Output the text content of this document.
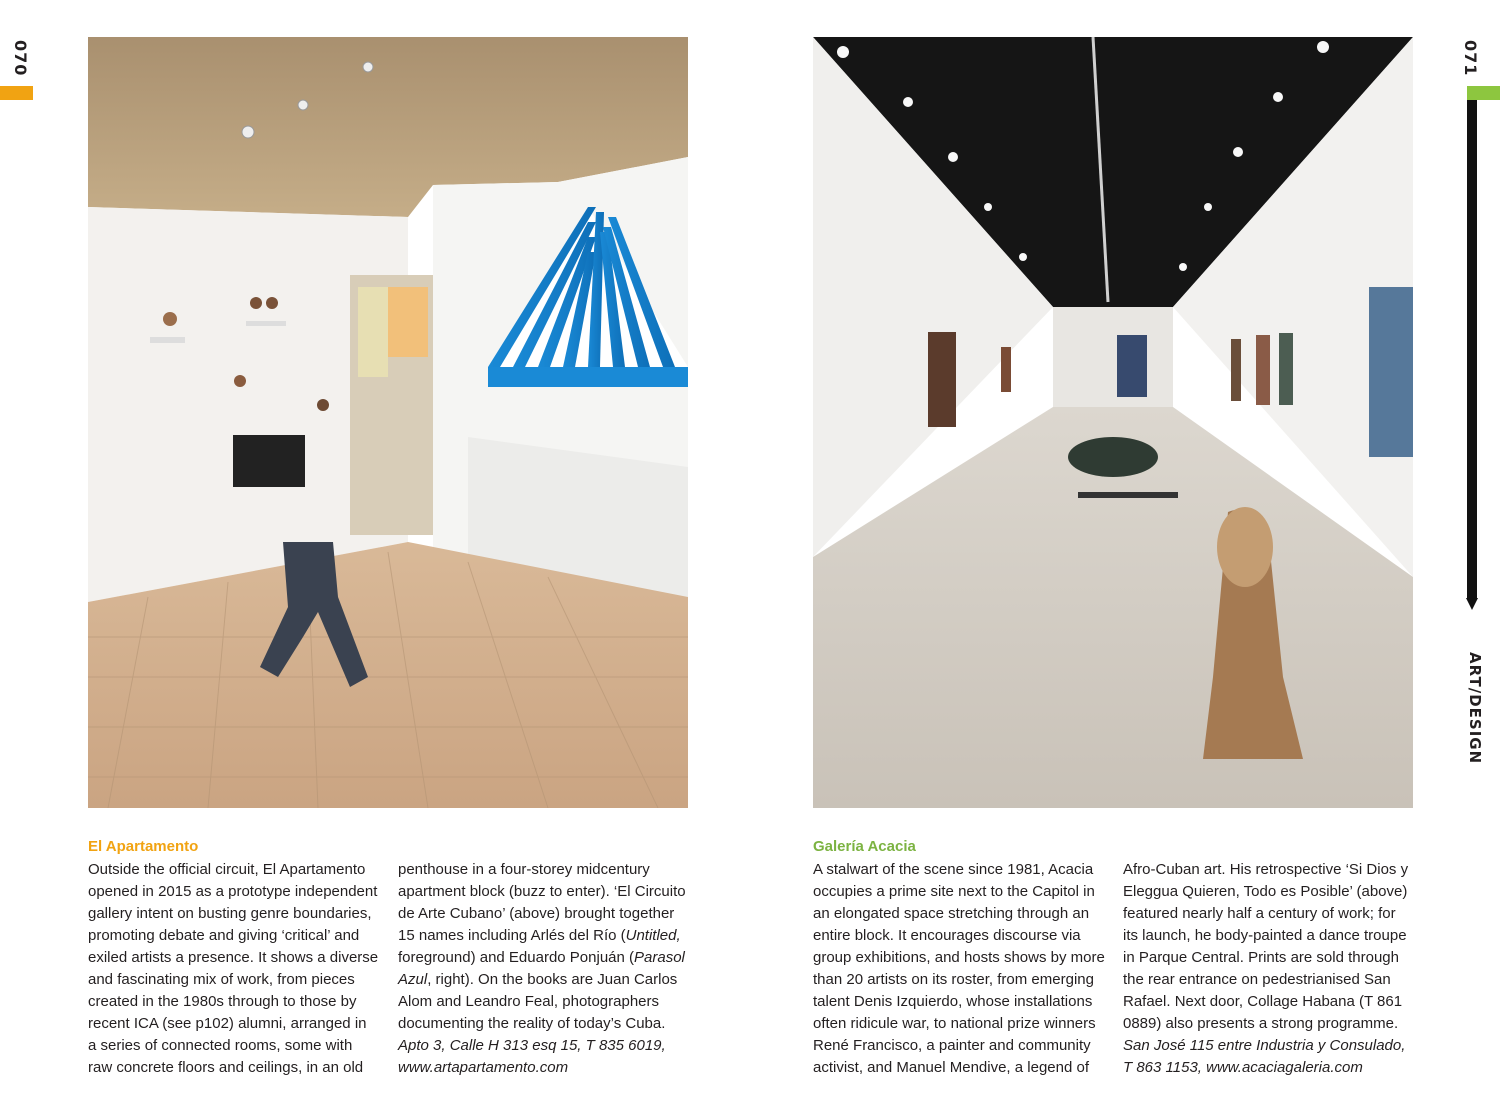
070	071
ART/DESIGN
El Apartamento

Outside the official circuit, El Apartamento

opened in 2015 as a prototype independent

gallery intent on busting genre boundaries,

promoting debate and giving ‘critical’ and

exiled artists a presence. It shows a diverse

and fascinating mix of work, from pieces

created in the 1980s through to those by

recent ICA (see p102) alumni, arranged in

a series of connected rooms, some with

raw concrete floors and ceilings, in an old

penthouse in a four-storey midcentury

apartment block (buzz to enter). ‘El Circuito

de Arte Cubano’ (above) brought together

15 names including Arlés del Río (Untitled,

foreground) and Eduardo Ponjuán (Parasol

Azul, right). On the books are Juan Carlos

Alom and Leandro Feal, photographers

documenting the reality of today’s Cuba.

Apto 3, Calle H 313 esq 15, T 835 6019,

www.artapartamento.com

Galería Acacia

A stalwart of the scene since 1981, Acacia

occupies a prime site next to the Capitol in

an elongated space stretching through an

entire block. It encourages discourse via

group exhibitions, and hosts shows by more

than 20 artists on its roster, from emerging

talent Denis Izquierdo, whose installations

often ridicule war, to national prize winners

René Francisco, a painter and community

activist, and Manuel Mendive, a legend of

Afro-Cuban art. His retrospective ‘Si Dios y

Eleggua Quieren, Todo es Posible’ (above)

featured nearly half a century of work; for

its launch, he body-painted a dance troupe

in Parque Central. Prints are sold through

the rear entrance on pedestrianised San

Rafael. Next door, Collage Habana (T 861

0889) also presents a strong programme.

San José 115 entre Industria y Consulado,

T 863 1153, www.acaciagaleria.com
